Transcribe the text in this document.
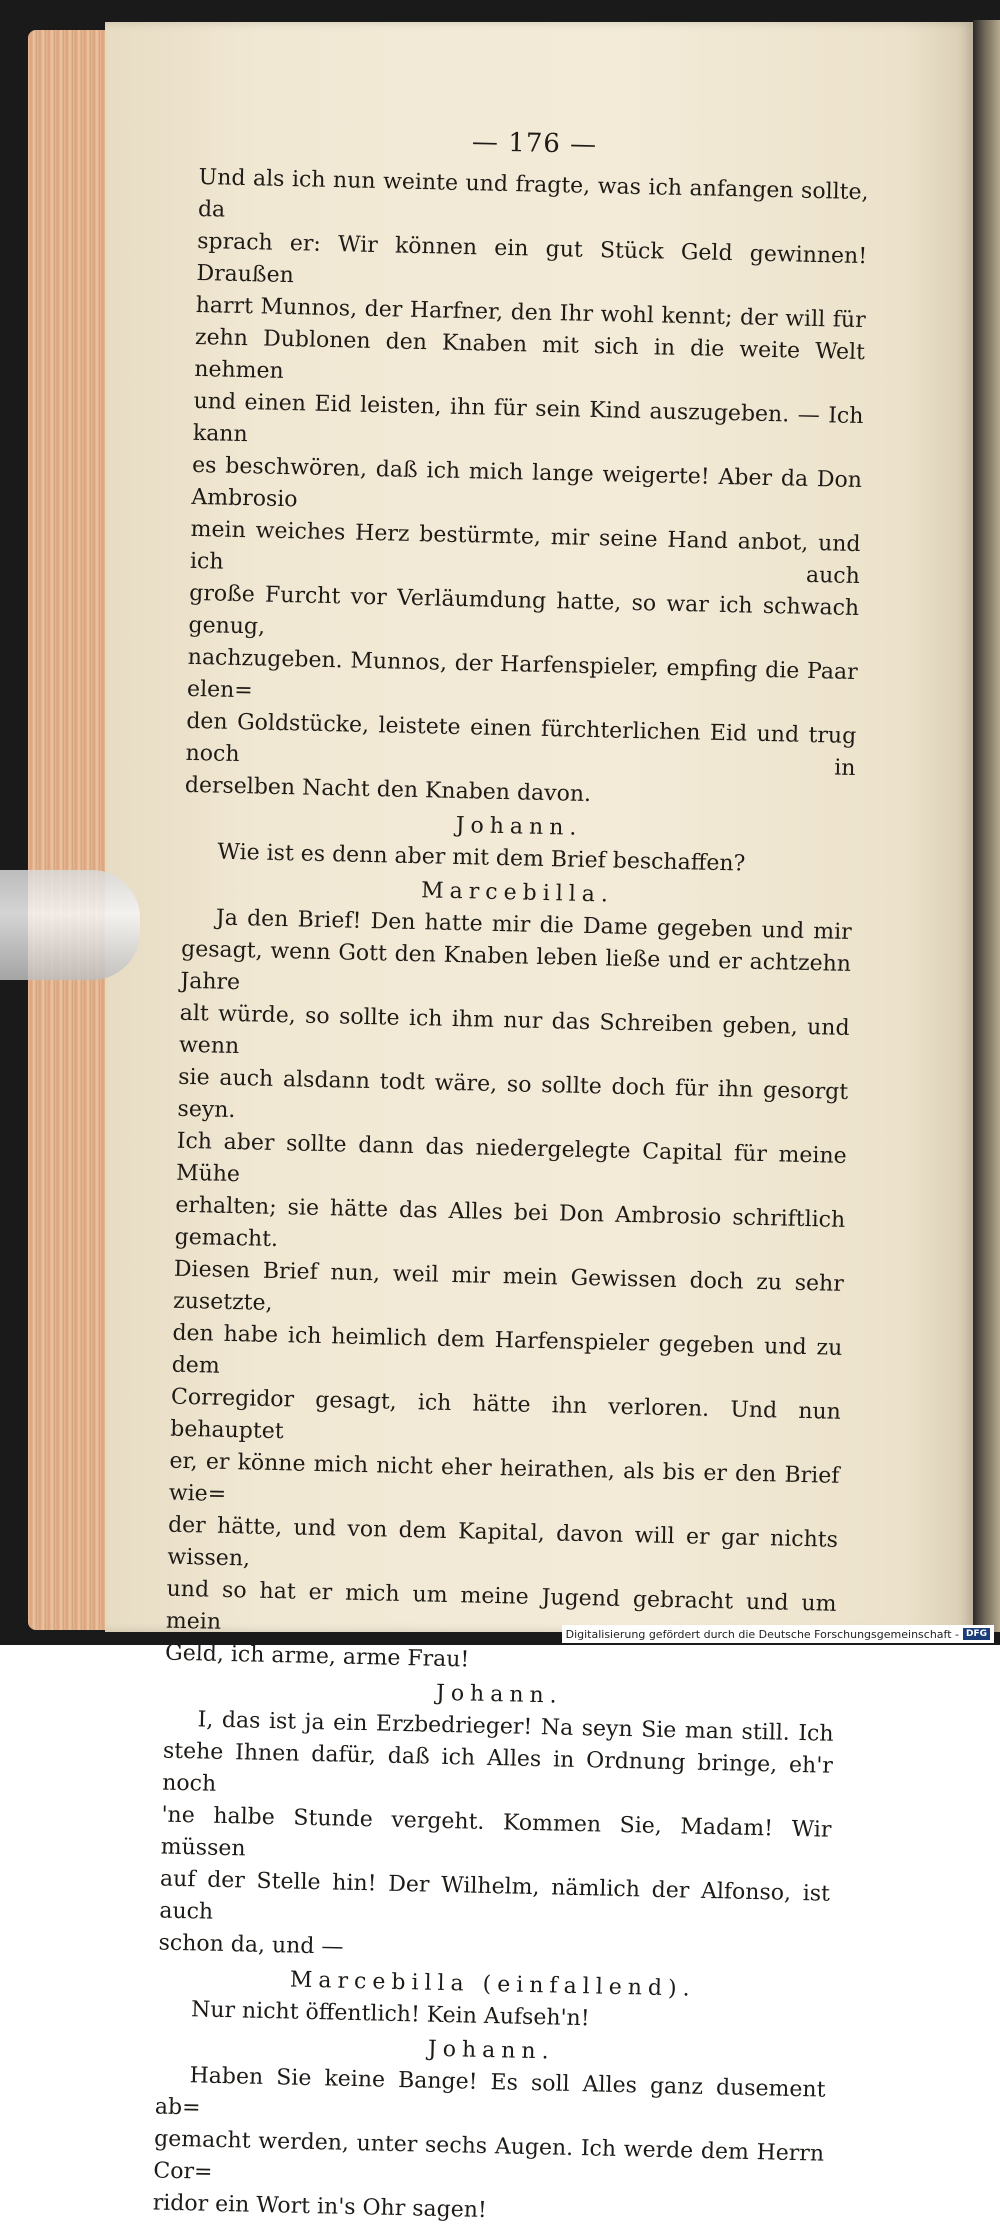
— 176 —

Und als ich nun weinte und fragte, was ich anfangen sollte, da
sprach er: Wir können ein gut Stück Geld gewinnen! Draußen
harrt Munnos, der Harfner, den Ihr wohl kennt; der will für
zehn Dublonen den Knaben mit sich in die weite Welt nehmen
und einen Eid leisten, ihn für sein Kind auszugeben. — Ich kann
es beschwören, daß ich mich lange weigerte! Aber da Don Ambrosio
mein weiches Herz bestürmte, mir seine Hand anbot, und ich auch
große Furcht vor Verläumdung hatte, so war ich schwach genug,
nachzugeben. Munnos, der Harfenspieler, empfing die Paar elen=
den Goldstücke, leistete einen fürchterlichen Eid und trug noch in
derselben Nacht den Knaben davon.

Johann.

Wie ist es denn aber mit dem Brief beschaffen?

Marcebilla.

Ja den Brief! Den hatte mir die Dame gegeben und mir
gesagt, wenn Gott den Knaben leben ließe und er achtzehn Jahre
alt würde, so sollte ich ihm nur das Schreiben geben, und wenn
sie auch alsdann todt wäre, so sollte doch für ihn gesorgt seyn.
Ich aber sollte dann das niedergelegte Capital für meine Mühe
erhalten; sie hätte das Alles bei Don Ambrosio schriftlich gemacht.
Diesen Brief nun, weil mir mein Gewissen doch zu sehr zusetzte,
den habe ich heimlich dem Harfenspieler gegeben und zu dem
Corregidor gesagt, ich hätte ihn verloren. Und nun behauptet
er, er könne mich nicht eher heirathen, als bis er den Brief wie=
der hätte, und von dem Kapital, davon will er gar nichts wissen,
und so hat er mich um meine Jugend gebracht und um mein
Geld, ich arme, arme Frau!

Johann.

I, das ist ja ein Erzbedrieger! Na seyn Sie man still. Ich
stehe Ihnen dafür, daß ich Alles in Ordnung bringe, eh'r noch
'ne halbe Stunde vergeht. Kommen Sie, Madam! Wir müssen
auf der Stelle hin! Der Wilhelm, nämlich der Alfonso, ist auch
schon da, und —

Marcebilla (einfallend).

Nur nicht öffentlich! Kein Aufseh'n!

Johann.

Haben Sie keine Bange! Es soll Alles ganz dusement ab=
gemacht werden, unter sechs Augen. Ich werde dem Herrn Cor=
ridor ein Wort in's Ohr sagen!

Digitalisierung gefördert durch die Deutsche Forschungsgemeinschaft - DFG
